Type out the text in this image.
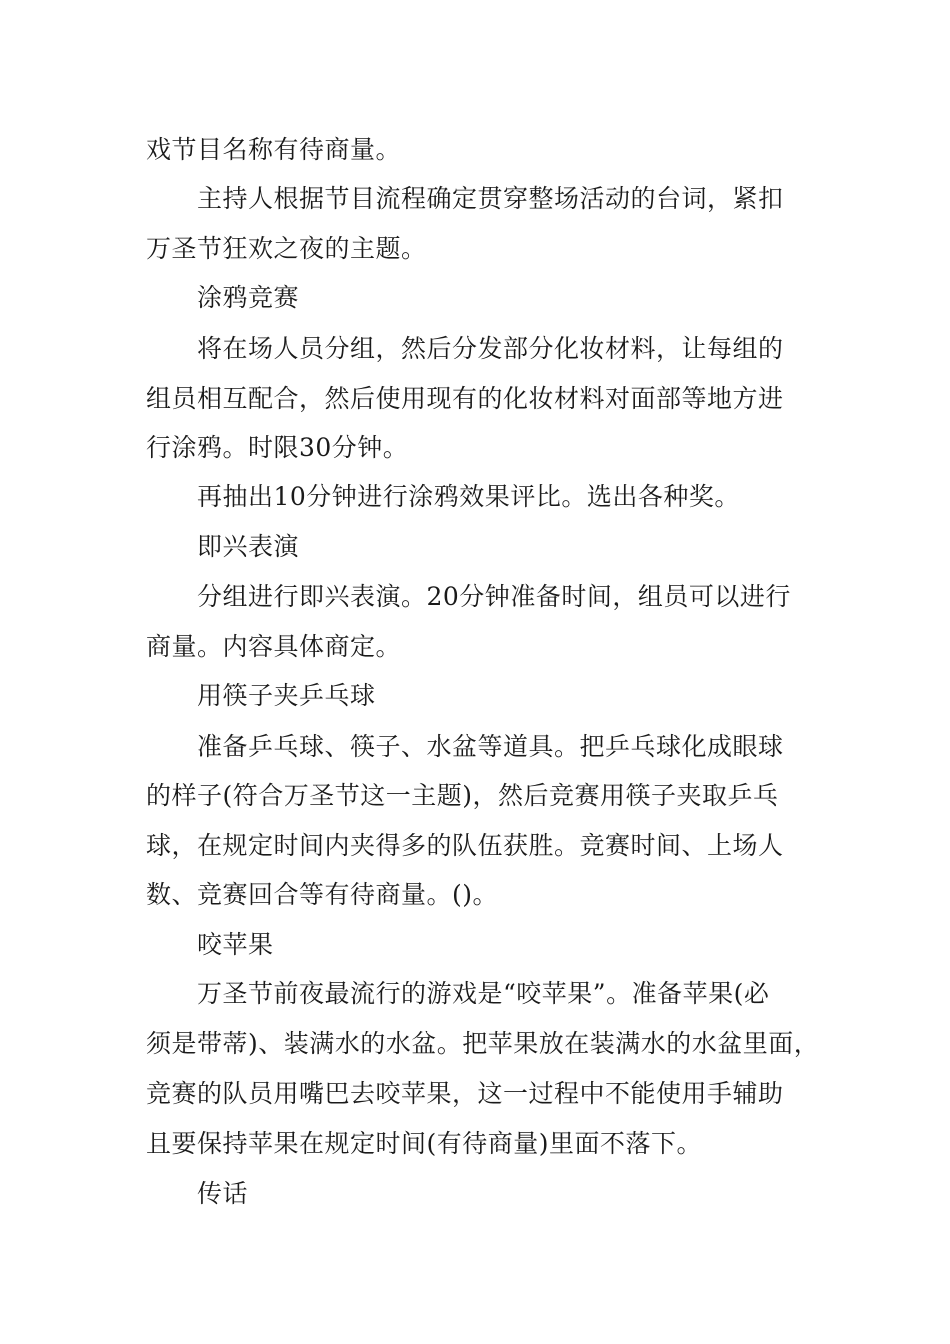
戏节目名称有待商量。
主持人根据节目流程确定贯穿整场活动的台词，紧扣
万圣节狂欢之夜的主题。
涂鸦竞赛
将在场人员分组，然后分发部分化妆材料，让每组的
组员相互配合，然后使用现有的化妆材料对面部等地方进
行涂鸦。时限30分钟。
再抽出10分钟进行涂鸦效果评比。选出各种奖。
即兴表演
分组进行即兴表演。20分钟准备时间，组员可以进行
商量。内容具体商定。
用筷子夹乒乓球
准备乒乓球、筷子、水盆等道具。把乒乓球化成眼球
的样子(符合万圣节这一主题)，然后竞赛用筷子夹取乒乓
球，在规定时间内夹得多的队伍获胜。竞赛时间、上场人
数、竞赛回合等有待商量。()。
咬苹果
万圣节前夜最流行的游戏是“咬苹果”。准备苹果(必
须是带蒂)、装满水的水盆。把苹果放在装满水的水盆里面，
竞赛的队员用嘴巴去咬苹果，这一过程中不能使用手辅助
且要保持苹果在规定时间(有待商量)里面不落下。
传话
